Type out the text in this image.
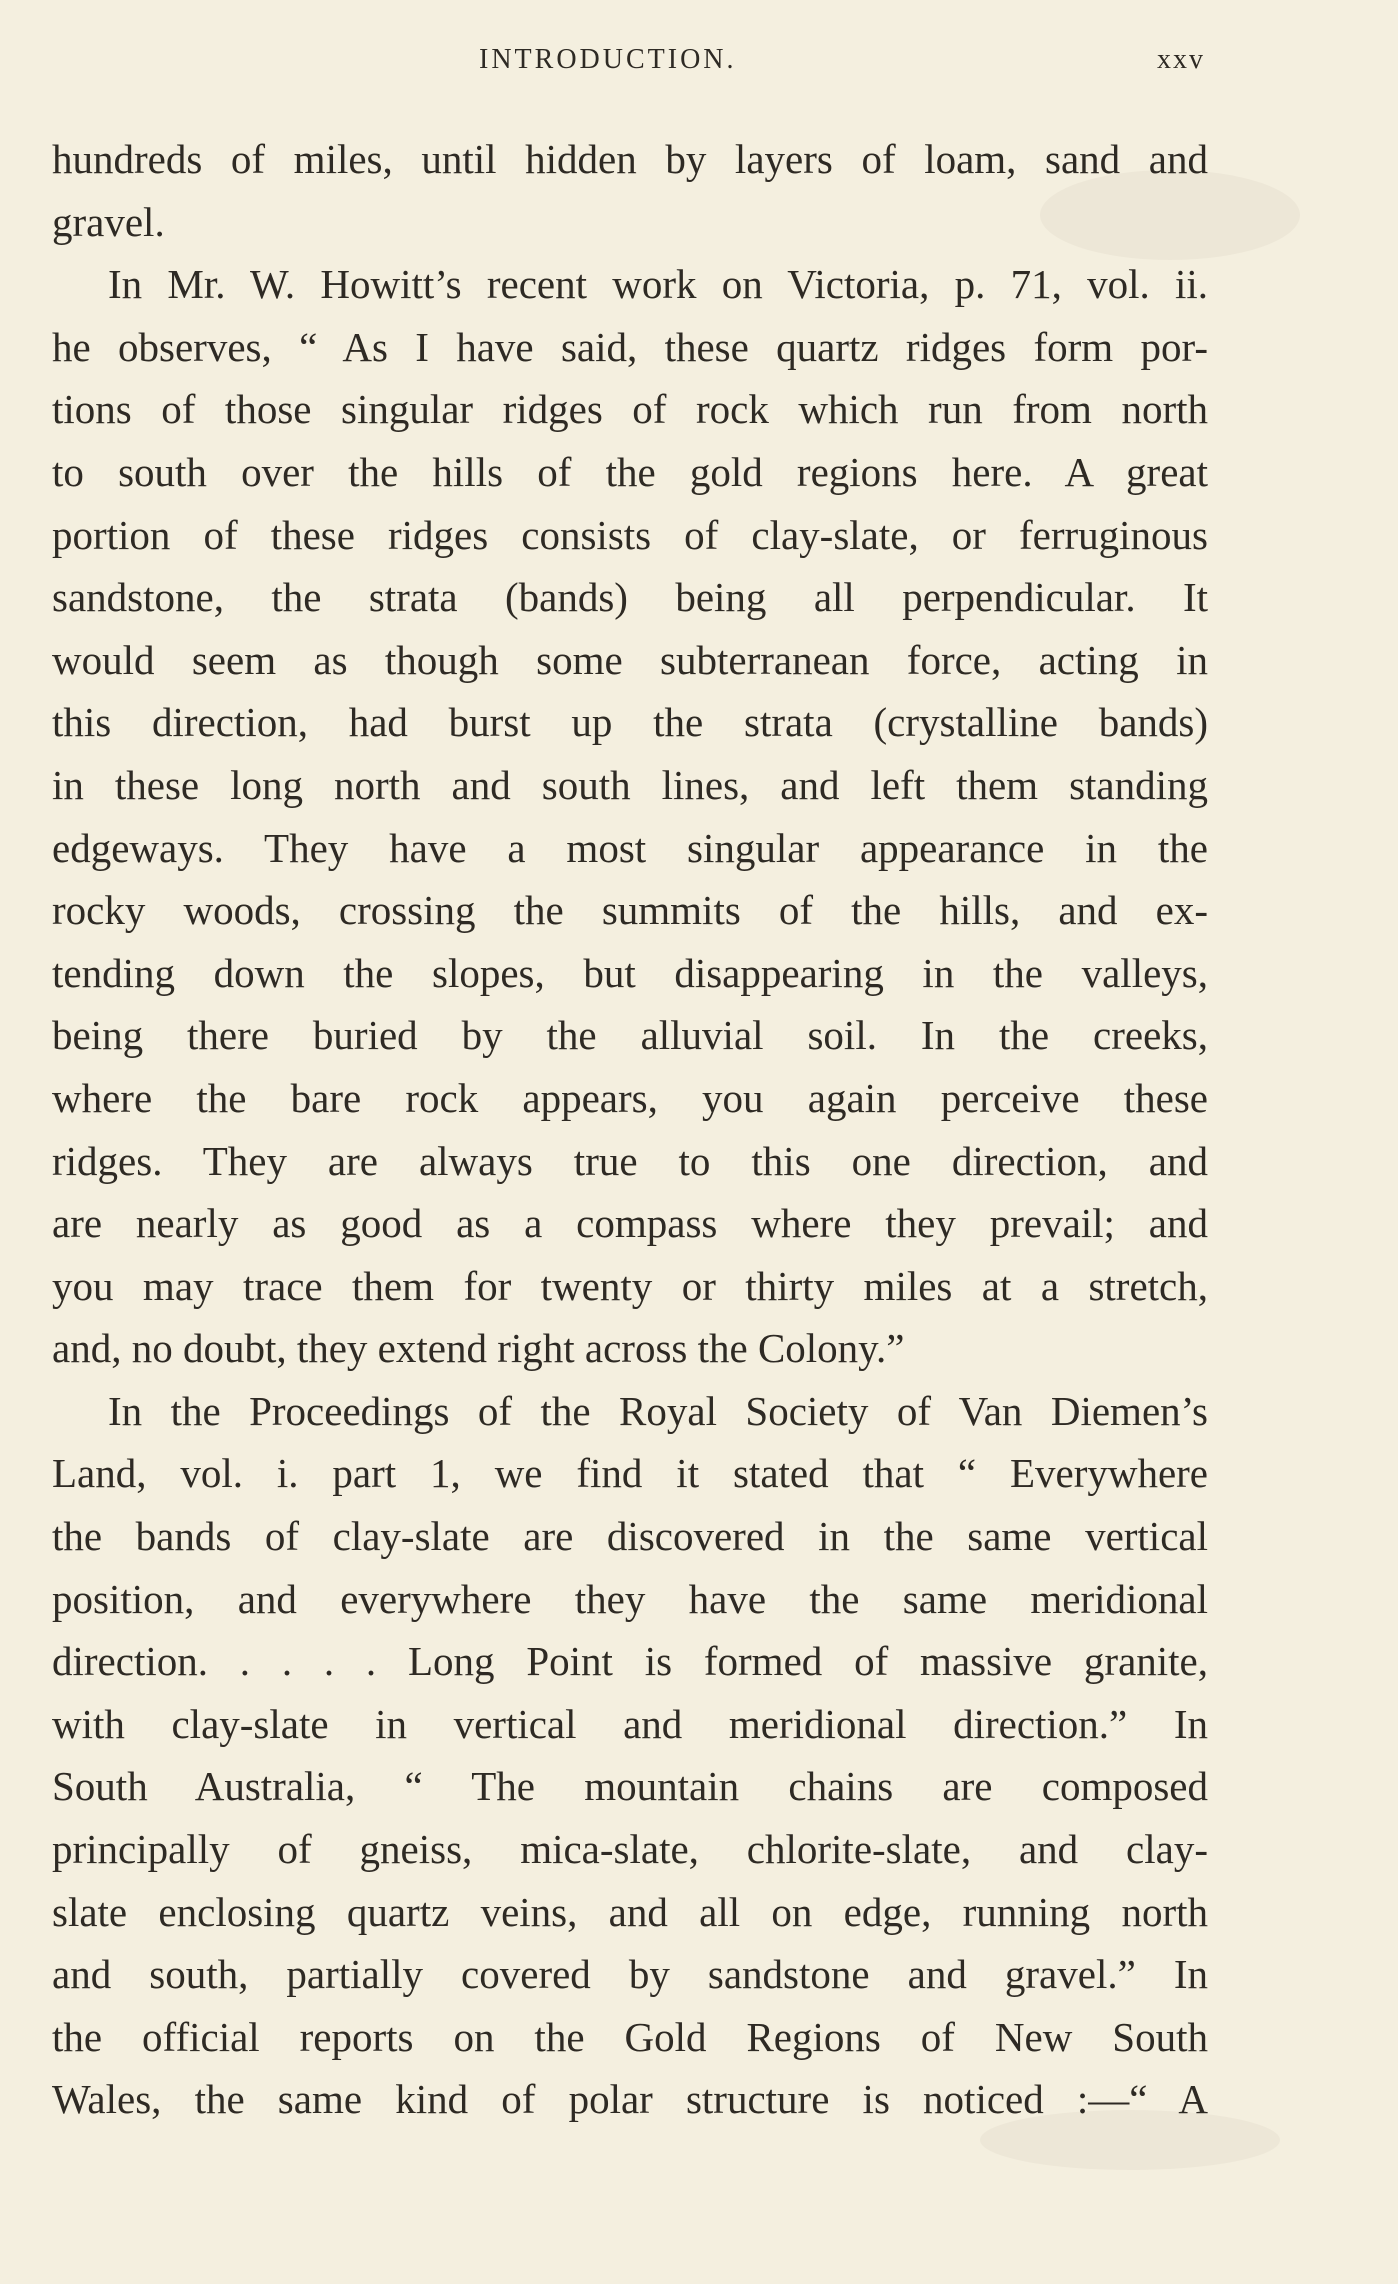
INTRODUCTION.	xxv
hundreds of miles, until hidden by layers of loam, sand and
gravel.
In Mr. W. Howitt’s recent work on Victoria, p. 71, vol. ii.
he observes, “ As I have said, these quartz ridges form por-
tions of those singular ridges of rock which run from north
to south over the hills of the gold regions here. A great
portion of these ridges consists of clay-slate, or ferruginous
sandstone, the strata (bands) being all perpendicular. It
would seem as though some subterranean force, acting in
this direction, had burst up the strata (crystalline bands)
in these long north and south lines, and left them standing
edgeways. They have a most singular appearance in the
rocky woods, crossing the summits of the hills, and ex-
tending down the slopes, but disappearing in the valleys,
being there buried by the alluvial soil. In the creeks,
where the bare rock appears, you again perceive these
ridges. They are always true to this one direction, and
are nearly as good as a compass where they prevail; and
you may trace them for twenty or thirty miles at a stretch,
and, no doubt, they extend right across the Colony.”
In the Proceedings of the Royal Society of Van Diemen’s
Land, vol. i. part 1, we find it stated that “ Everywhere
the bands of clay-slate are discovered in the same vertical
position, and everywhere they have the same meridional
direction. . . . . Long Point is formed of massive granite,
with clay-slate in vertical and meridional direction.” In
South Australia, “ The mountain chains are composed
principally of gneiss, mica-slate, chlorite-slate, and clay-
slate enclosing quartz veins, and all on edge, running north
and south, partially covered by sandstone and gravel.” In
the official reports on the Gold Regions of New South
Wales, the same kind of polar structure is noticed :—“ A
